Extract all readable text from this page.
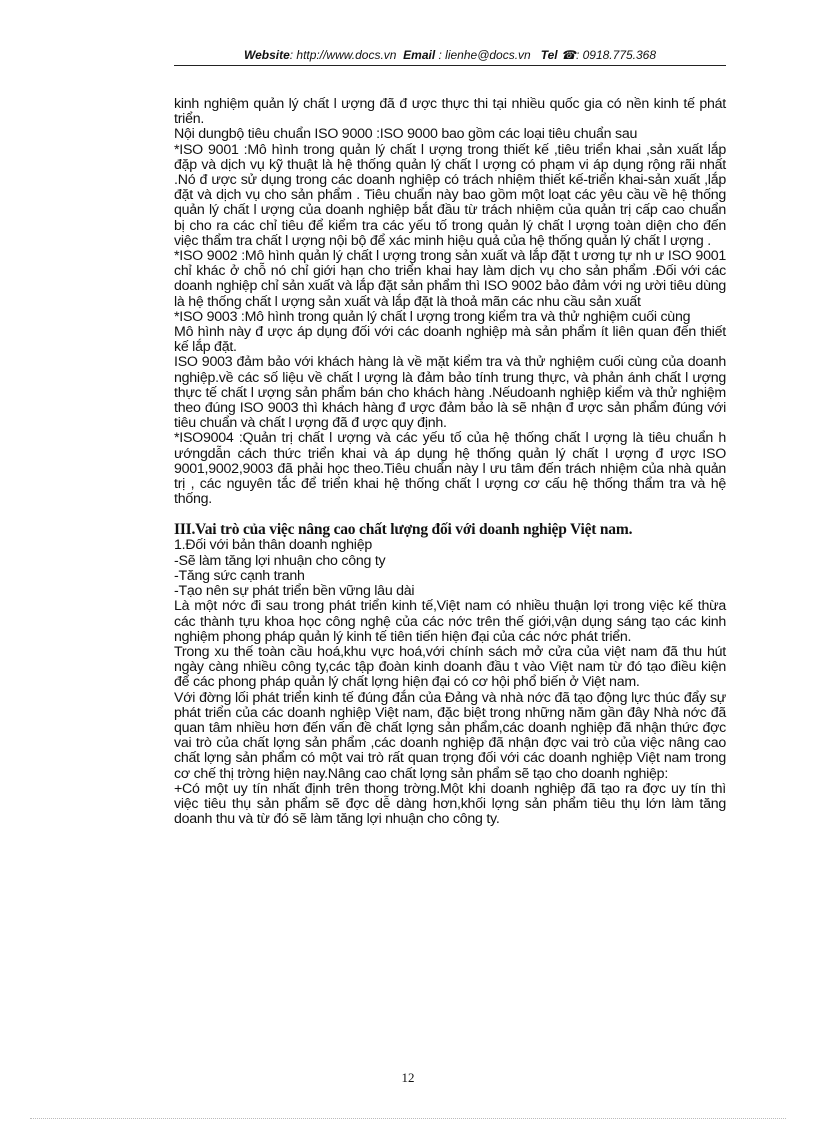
Website: http://www.docs.vn Email : lienhe@docs.vn Tel ☎: 0918.775.368

kinh nghiệm quản lý chất l ượng đã đ ược thực thi tại nhiều quốc gia có nền kinh tế phát triển.

Nội dungbộ tiêu chuẩn ISO 9000 :ISO 9000 bao gồm các loại tiêu chuẩn sau

*ISO 9001 :Mô hình trong quản lý chất l ượng trong thiết kế ,tiêu triển khai ,sản xuất lắp đặp và dịch vụ kỹ thuật là hệ thống quản lý chất l ượng có phạm vi áp dụng rộng rãi nhất .Nó đ ược sử dụng trong các doanh nghiệp có trách nhiệm thiết kế-triển khai-sản xuất ,lắp đặt và dịch vụ cho sản phẩm . Tiêu chuẩn này bao gồm một loạt các yêu cầu về hệ thống quản lý chất l ượng của doanh nghiệp bắt đầu từ trách nhiệm của quản trị cấp cao chuẩn bị cho ra các chỉ tiêu để kiểm tra các yếu tố trong quản lý chất l ượng toàn diện cho đến việc thẩm tra chất l ượng nội bộ để xác minh hiệu quả của hệ thống quản lý chất l ượng .

*ISO 9002 :Mô hình quản lý chất l ượng trong sản xuất và lắp đặt t ương tự nh ư ISO 9001 chỉ khác ở chỗ nó chỉ giới hạn cho triển khai hay làm dịch vụ cho sản phẩm .Đối với các doanh nghiệp chỉ sản xuất và lắp đặt sản phẩm thì ISO 9002 bảo đảm với ng ười tiêu dùng là hệ thống chất l ượng sản xuất và lắp đặt là thoả mãn các nhu cầu sản xuất

*ISO 9003 :Mô hình trong quản lý chất l ượng trong kiểm tra và thử nghiệm cuối cùng

Mô hình này đ ược áp dụng đối với các doanh nghiệp mà sản phẩm ít liên quan đến thiết kế lắp đặt.

ISO 9003 đảm bảo với khách hàng là về mặt kiểm tra và thử nghiệm cuối cùng của doanh nghiệp.về các số liệu về chất l ượng là đảm bảo tính trung thực, và phản ánh chất l ượng thực tế chất l ượng sản phẩm bán cho khách hàng .Nếudoanh nghiệp kiểm và thử nghiệm theo đúng ISO 9003 thì khách hàng đ ược đảm bảo là sẽ nhận đ ược sản phẩm đúng với tiêu chuẩn và chất l ượng đã đ ược quy định.

*ISO9004 :Quản trị chất l ượng và các yếu tố của hệ thống chất l ượng là tiêu chuẩn h ướngdẫn cách thức triển khai và áp dụng hệ thống quản lý chất l ượng đ ược ISO 9001,9002,9003 đã phải học theo.Tiêu chuẩn này l ưu tâm đến trách nhiệm của nhà quản trị , các nguyên tắc để triển khai hệ thống chất l ượng cơ cấu hệ thống thẩm tra và hệ thống.

III.Vai trò của việc nâng cao chất lượng đối với doanh nghiệp Việt nam.

1.Đối với bản thân doanh nghiệp

-Sẽ làm tăng lợi nhuận cho công ty

-Tăng sức cạnh tranh

-Tạo nên sự phát triển bền vững lâu dài

Là một nớc đi sau trong phát triển kinh tế,Việt nam có nhiều thuận lợi trong việc kế thừa các thành tựu khoa học công nghệ của các nớc trên thế giới,vận dụng sáng tạo các kinh nghiệm phong pháp quản lý kinh tế tiên tiến hiện đại của các nớc phát triển.

Trong xu thế toàn cầu hoá,khu vực hoá,với chính sách mở cửa của việt nam đã thu hút ngày càng nhiều công ty,các tập đoàn kinh doanh đầu t vào Việt nam từ đó tạo điều kiện để các phong pháp quản lý chất lợng hiện đại có cơ hội phổ biến ở Việt nam.

Với đờng lối phát triển kinh tế đúng đắn của Đảng và nhà nớc đã tạo động lực thúc đẩy sự phát triển của các doanh nghiệp Việt nam, đặc biệt trong những năm gần đây Nhà nớc đã quan tâm nhiều hơn đến vấn đề chất lợng sản phẩm,các doanh nghiệp đã nhận thức đợc vai trò của chất lợng sản phẩm ,các doanh nghiệp đã nhận đợc vai trò của việc nâng cao chất lợng sản phẩm có một vai trò rất quan trọng đối với các doanh nghiệp Việt nam trong cơ chế thị trờng hiện nay.Nâng cao chất lợng sản phẩm sẽ tạo cho doanh nghiệp:

+Có một uy tín nhất định trên thong trờng.Một khi doanh nghiệp đã tạo ra đợc uy tín thì việc tiêu thụ sản phẩm sẽ đợc dễ dàng hơn,khối lợng sản phẩm tiêu thụ lớn làm tăng doanh thu và từ đó sẽ làm tăng lợi nhuận cho công ty.

12
